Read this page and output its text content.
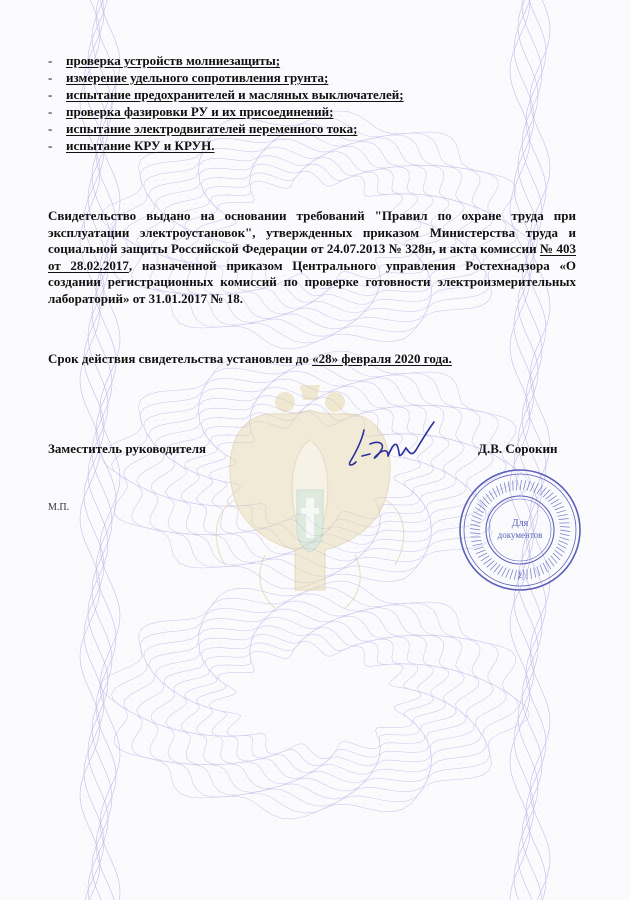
- проверка устройств молниезащиты;
- измерение удельного сопротивления грунта;
- испытание предохранителей и масляных выключателей;
- проверка фазировки РУ и их присоединений;
- испытание электродвигателей переменного тока;
- испытание КРУ и КРУН.
Свидетельство выдано на основании требований "Правил по охране труда при эксплуатации электроустановок", утвержденных приказом Министерства труда и социальной защиты Российской Федерации от 24.07.2013 № 328н, и акта комиссии № 403 от 28.02.2017, назначенной приказом Центрального управления Ростехнадзора «О создании регистрационных комиссий по проверке готовности электроизмерительных лабораторий» от 31.01.2017 № 18.
Срок действия свидетельства установлен до «28» февраля 2020 года.
Заместитель руководителя	Д.В. Сорокин
М.П.
Для
документов
2
